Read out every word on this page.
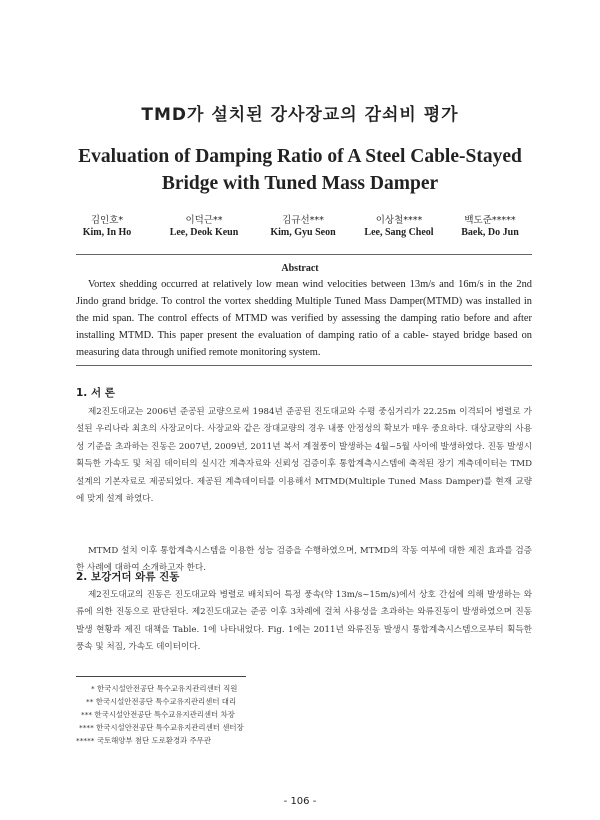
TMD가 설치된 강사장교의 감쇠비 평가
Evaluation of Damping Ratio of A Steel Cable-Stayed
Bridge with Tuned Mass Damper
김인호*
Kim, In Ho
이덕근**
Lee, Deok Keun
김규선***
Kim, Gyu Seon
이상철****
Lee, Sang Cheol
백도준*****
Baek, Do Jun
Abstract
Vortex shedding occurred at relatively low mean wind velocities between 13m/s and 16m/s in the 2nd Jindo grand bridge. To control the vortex shedding Multiple Tuned Mass Damper(MTMD) was installed in the mid span. The control effects of MTMD was verified by assessing the damping ratio before and after installing MTMD. This paper present the evaluation of damping ratio of a cable- stayed bridge based on measuring data through unified remote monitoring system.
1. 서 론
제2진도대교는 2006년 준공된 교량으로써 1984년 준공된 진도대교와 수평 중심거리가 22.25m 이격되어 병렬로 가설된 우리나라 최초의 사장교이다. 사장교와 같은 장대교량의 경우 내풍 안정성의 확보가 매우 중요하다. 대상교량의 사용성 기준을 초과하는 진동은 2007년, 2009년, 2011년 복서 계절풍이 발생하는 4월~5월 사이에 발생하였다. 진동 발생시 획득한 가속도 및 처짐 데이터의 실시간 계측자료와 신뢰성 검증이후 통합계측시스템에 축적된 장기 계측데이터는 TMD 설계의 기본자료로 제공되었다. 제공된 계측데이터를 이용해서 MTMD(Multiple Tuned Mass Damper)를 현재 교량에 맞게 설계 하였다.
MTMD 설치 이후 통합계측시스템을 이용한 성능 검증을 수행하였으며, MTMD의 작동 여부에 대한 제진 효과를 검증한 사례에 대하여 소개하고자 한다.
2. 보강거더 와류 진동
제2진도대교의 진동은 진도대교와 병렬로 배치되어 특정 풍속(약 13m/s~15m/s)에서 상호 간섭에 의해 발생하는 와류에 의한 진동으로 판단된다. 제2진도대교는 준공 이후 3차례에 걸쳐 사용성을 초과하는 와류진동이 발생하였으며 진동 발생 현황과 제진 대책을 Table. 1에 나타내었다. Fig. 1에는 2011년 와류진동 발생시 통합계측시스템으로부터 획득한 풍속 및 처짐, 가속도 데이터이다.
* 한국시설안전공단 특수교유지관리센터 직원
** 한국시설안전공단 특수교유지관리센터 대리
*** 한국시설안전공단 특수교유지관리센터 차장
**** 한국시설안전공단 특수교유지관리센터 센터장
***** 국토해양부 첨단 도로환경과 주무관
- 106 -
